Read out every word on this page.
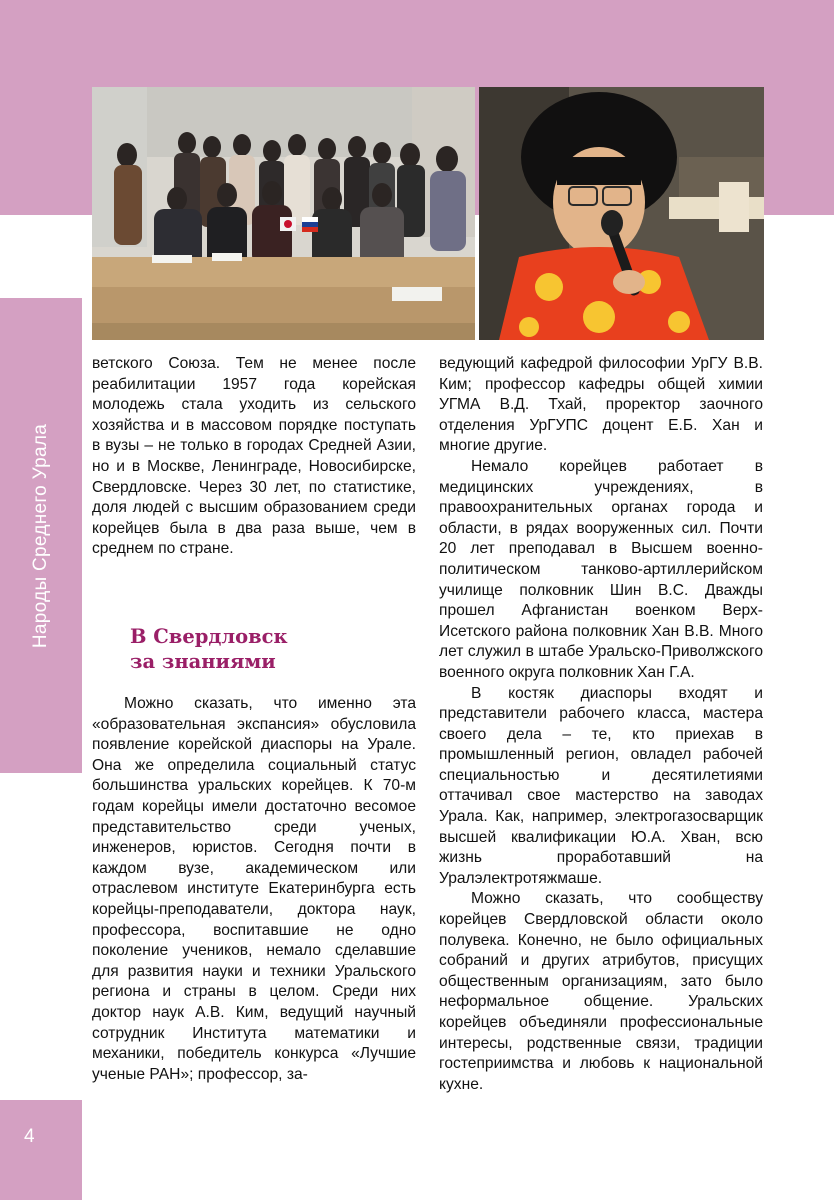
Народы Среднего Урала
4

ветского Союза. Тем не менее после реабилитации 1957 года корейская молодежь стала уходить из сельского хозяйства и в массовом порядке поступать в вузы – не только в городах Средней Азии, но и в Москве, Ленинграде, Новосибирске, Свердловске. Через 30 лет, по статистике, доля людей с высшим образованием среди корейцев была в два раза выше, чем в среднем по стране.

В Свердловск
за знаниями

Можно сказать, что именно эта «образовательная экспансия» обусловила появление корейской диаспоры на Урале. Она же определила социальный статус большинства уральских корейцев. К 70-м годам корейцы имели достаточно весомое представительство среди ученых, инженеров, юристов. Сегодня почти в каждом вузе, академическом или отраслевом институте Екатеринбурга есть корейцы-преподаватели, доктора наук, профессора, воспитавшие не одно поколение учеников, немало сделавшие для развития науки и техники Уральского региона и страны в целом. Среди них доктор наук А.В. Ким, ведущий научный сотрудник Института математики и механики, победитель конкурса «Лучшие ученые РАН»; профессор, за-

ведующий кафедрой философии УрГУ В.В. Ким; профессор кафедры общей химии УГМА В.Д. Тхай, проректор заочного отделения УрГУПС доцент Е.Б. Хан и многие другие.

Немало корейцев работает в медицинских учреждениях, в правоохранительных органах города и области, в рядах вооруженных сил. Почти 20 лет преподавал в Высшем военно-политическом танково-артиллерийском училище полковник Шин В.С. Дважды прошел Афганистан военком Верх-Исетского района полковник Хан В.В. Много лет служил в штабе Уральско-Приволжского военного округа полковник Хан Г.А.

В костяк диаспоры входят и представители рабочего класса, мастера своего дела – те, кто приехав в промышленный регион, овладел рабочей специальностью и десятилетиями оттачивал свое мастерство на заводах Урала. Как, например, электрогазосварщик высшей квалификации Ю.А. Хван, всю жизнь проработавший на Уралэлектротяжмаше.

Можно сказать, что сообществу корейцев Свердловской области около полувека. Конечно, не было официальных собраний и других атрибутов, присущих общественным организациям, зато было неформальное общение. Уральских корейцев объединяли профессиональные интересы, родственные связи, традиции гостеприимства и любовь к национальной кухне.
